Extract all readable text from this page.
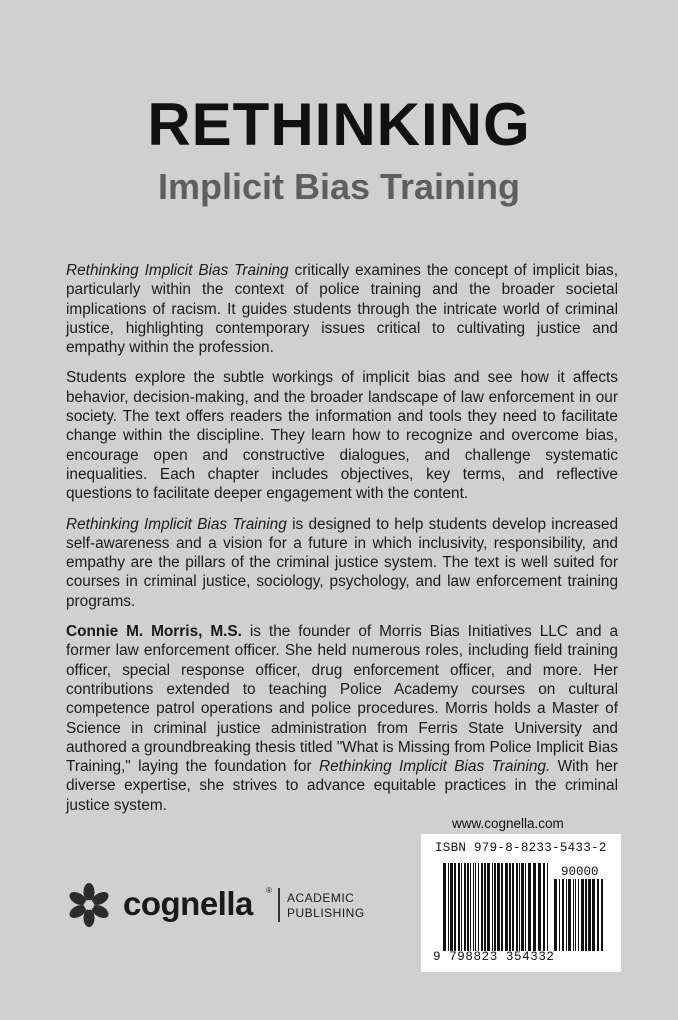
RETHINKING
Implicit Bias Training

Rethinking Implicit Bias Training critically examines the concept of implicit bias, particularly within the context of police training and the broader societal implications of racism. It guides students through the intricate world of criminal justice, highlighting contemporary issues critical to cultivating justice and empathy within the profession.

Students explore the subtle workings of implicit bias and see how it affects behavior, decision-making, and the broader landscape of law enforcement in our society. The text offers readers the information and tools they need to facilitate change within the discipline. They learn how to recognize and overcome bias, encourage open and constructive dialogues, and challenge systematic inequalities. Each chapter includes objectives, key terms, and reflective questions to facilitate deeper engagement with the content.

Rethinking Implicit Bias Training is designed to help students develop increased self-awareness and a vision for a future in which inclusivity, responsibility, and empathy are the pillars of the criminal justice system. The text is well suited for courses in criminal justice, sociology, psychology, and law enforcement training programs.

Connie M. Morris, M.S. is the founder of Morris Bias Initiatives LLC and a former law enforcement officer. She held numerous roles, including field training officer, special response officer, drug enforcement officer, and more. Her contributions extended to teaching Police Academy courses on cultural competence patrol operations and police procedures. Morris holds a Master of Science in criminal justice administration from Ferris State University and authored a groundbreaking thesis titled "What is Missing from Police Implicit Bias Training," laying the foundation for Rethinking Implicit Bias Training. With her diverse expertise, she strives to advance equitable practices in the criminal justice system.

www.cognella.com
ISBN 979-8-8233-5433-2
90000
9 798823 354332
cognella ®
ACADEMIC
PUBLISHING
